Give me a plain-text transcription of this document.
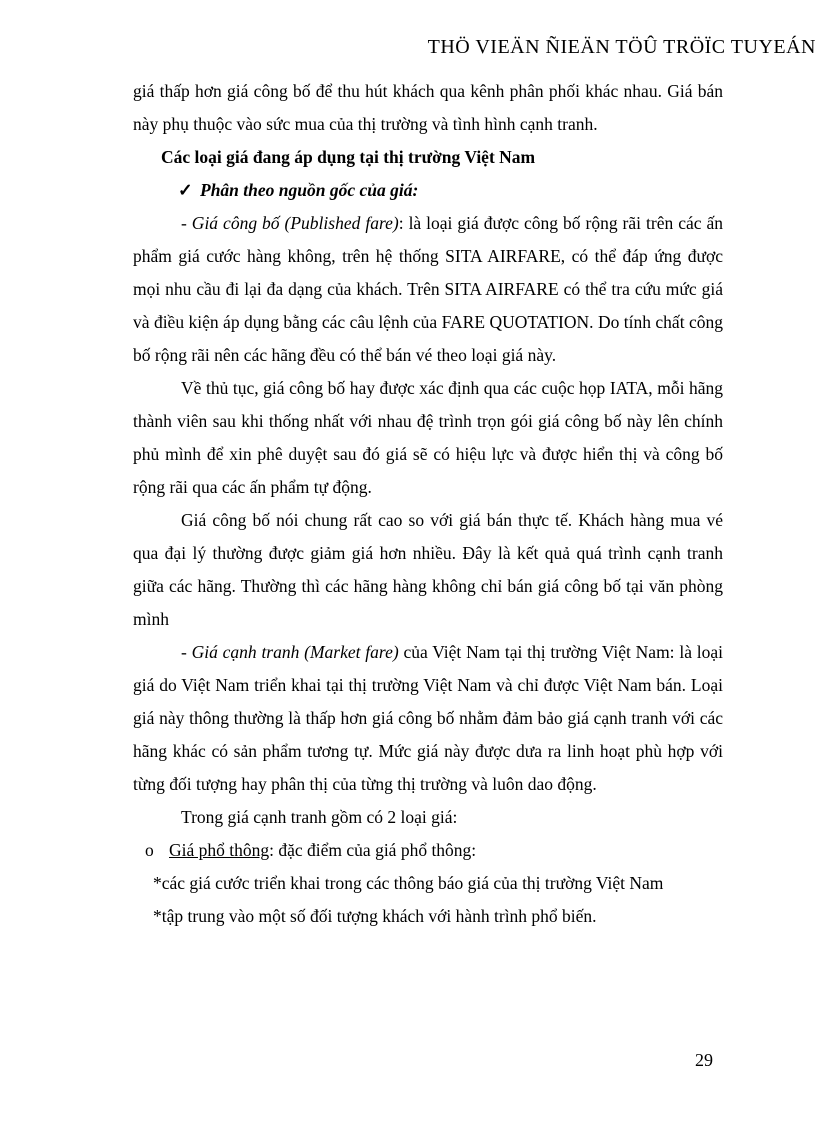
THÖ VIEÄN ÑIEÄN TÖÛ TRÖÏC TUYEÁN

giá thấp hơn giá công bố để thu hút khách qua kênh phân phối khác nhau. Giá bán này phụ thuộc vào sức mua của thị trường và tình hình cạnh tranh.

Các loại giá đang áp dụng tại thị trường Việt Nam

✓ Phân theo nguồn gốc của giá:

- Giá công bố (Published fare): là loại giá được công bố rộng rãi trên các ấn phẩm giá cước hàng không, trên hệ thống SITA AIRFARE, có thể đáp ứng được mọi nhu cầu đi lại đa dạng của khách. Trên SITA AIRFARE có thể tra cứu mức giá và điều kiện áp dụng bằng các câu lệnh của FARE QUOTATION. Do tính chất công bố rộng rãi nên các hãng đều có thể bán vé theo loại giá này.

Về thủ tục, giá công bố hay được xác định qua các cuộc họp IATA, mỗi hãng thành viên sau khi thống nhất với nhau đệ trình trọn gói giá công bố này lên chính phủ mình để xin phê duyệt sau đó giá sẽ có hiệu lực và được hiển thị và công bố rộng rãi qua các ấn phẩm tự động.

Giá công bố nói chung rất cao so với giá bán thực tế. Khách hàng mua vé qua đại lý thường được giảm giá hơn nhiều. Đây là kết quả quá trình cạnh tranh giữa các hãng. Thường thì các hãng hàng không chỉ bán giá công bố tại văn phòng mình

- Giá cạnh tranh (Market fare) của Việt Nam tại thị trường Việt Nam: là loại giá do Việt Nam triển khai tại thị trường Việt Nam và chỉ được Việt Nam bán. Loại giá này thông thường là thấp hơn giá công bố nhằm đảm bảo giá cạnh tranh với các hãng khác có sản phẩm tương tự. Mức giá này được dưa ra linh hoạt phù hợp với từng đối tượng hay phân thị của từng thị trường và luôn dao động.

Trong giá cạnh tranh gồm có 2 loại giá:

o Giá phổ thông: đặc điểm của giá phổ thông:

*các giá cước triển khai trong các thông báo giá của thị trường Việt Nam

*tập trung vào một số đối tượng khách với hành trình phổ biến.

29
